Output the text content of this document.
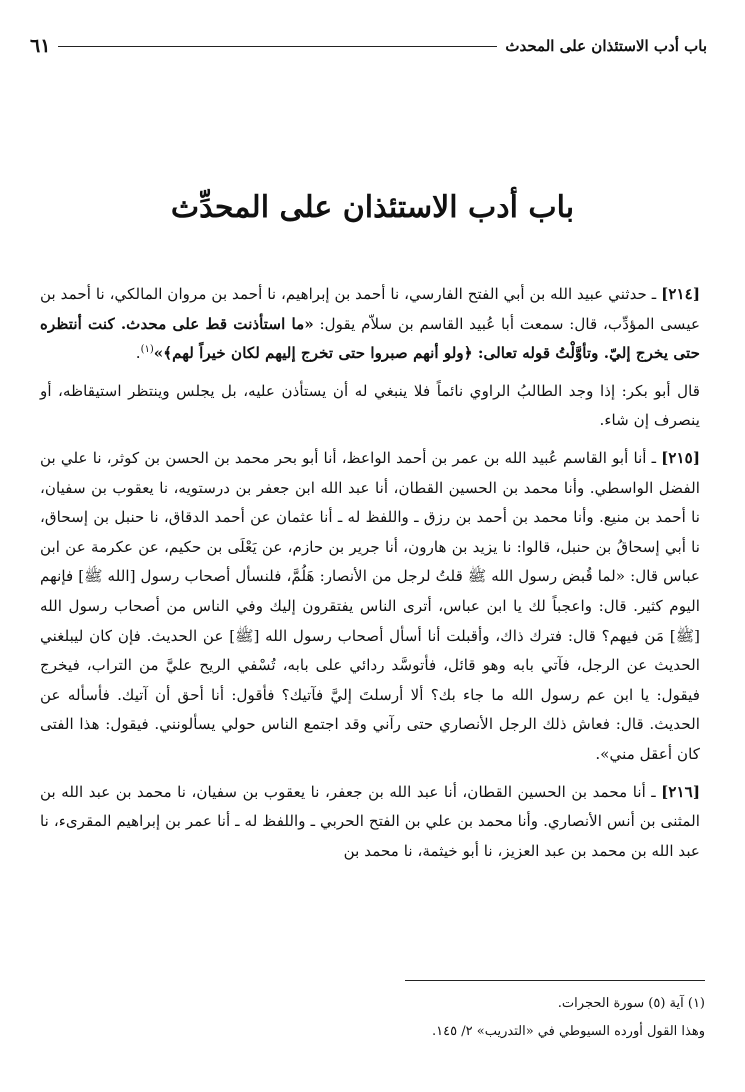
باب أدب الاستئذان على المحدث
٦١
باب أدب الاستئذان على المحدِّث

[٢١٤] ـ حدثني عبيد الله بن أبي الفتح الفارسي، نا أحمد بن إبراهيم، نا أحمد بن مروان المالكي، نا أحمد بن عيسى المؤدِّب، قال: سمعت أبا عُبيد القاسم بن سلاّم يقول: «ما استأذنت قط على محدث. كنت أنتظره حتى يخرج إليّ. وتأوَّلْتُ قوله تعالى: ﴿ولو أنهم صبروا حتى تخرج إليهم لكان خيراً لهم﴾»$^{(١)}$.

قال أبو بكر: إذا وجد الطالبُ الراوي نائماً فلا ينبغي له أن يستأذن عليه، بل يجلس وينتظر استيقاظه، أو ينصرف إن شاء.

[٢١٥] ـ أنا أبو القاسم عُبيد الله بن عمر بن أحمد الواعظ، أنا أبو بحر محمد بن الحسن بن كوثر، نا علي بن الفضل الواسطي. وأنا محمد بن الحسين القطان، أنا عبد الله ابن جعفر بن درستويه، نا يعقوب بن سفيان، نا أحمد بن منيع. وأنا محمد بن أحمد بن رزق ـ واللفظ له ـ أنا عثمان عن أحمد الدقاق، نا حنبل بن إسحاق، نا أبي إسحاقُ بن حنبل، قالوا: نا يزيد بن هارون، أنا جرير بن حازم، عن يَعْلَى بن حكيم، عن عكرمة عن ابن عباس قال: «لما قُبض رسول الله ﷺ قلتُ لرجل من الأنصار: هَلُمَّ، فلنسأل أصحاب رسول [الله ﷺ] فإنهم اليوم كثير. قال: واعجباً لك يا ابن عباس، أترى الناس يفتقرون إليك وفي الناس من أصحاب رسول الله [ﷺ] مَن فيهم؟ قال: فترك ذاك، وأقبلت أنا أسأل أصحاب رسول الله [ﷺ] عن الحديث. فإن كان ليبلغني الحديث عن الرجل، فآتي بابه وهو قائل، فأتوسَّد ردائي على بابه، تُسْفي الريح عليَّ من التراب، فيخرج فيقول: يا ابن عم رسول الله ما جاء بك؟ ألا أرسلتَ إليَّ فآتيك؟ فأقول: أنا أحق أن آتيك. فأسأله عن الحديث. قال: فعاش ذلك الرجل الأنصاري حتى رآني وقد اجتمع الناس حولي يسألونني. فيقول: هذا الفتى كان أعقل مني».

[٢١٦] ـ أنا محمد بن الحسين القطان، أنا عبد الله بن جعفر، نا يعقوب بن سفيان، نا محمد بن عبد الله بن المثنى بن أنس الأنصاري. وأنا محمد بن علي بن الفتح الحربي ـ واللفظ له ـ أنا عمر بن إبراهيم المقرىء، نا عبد الله بن محمد بن عبد العزيز، نا أبو خيثمة، نا محمد بن

(١) آية (٥) سورة الحجرات.
وهذا القول أورده السيوطي في «التدريب» ٢/ ١٤٥.
